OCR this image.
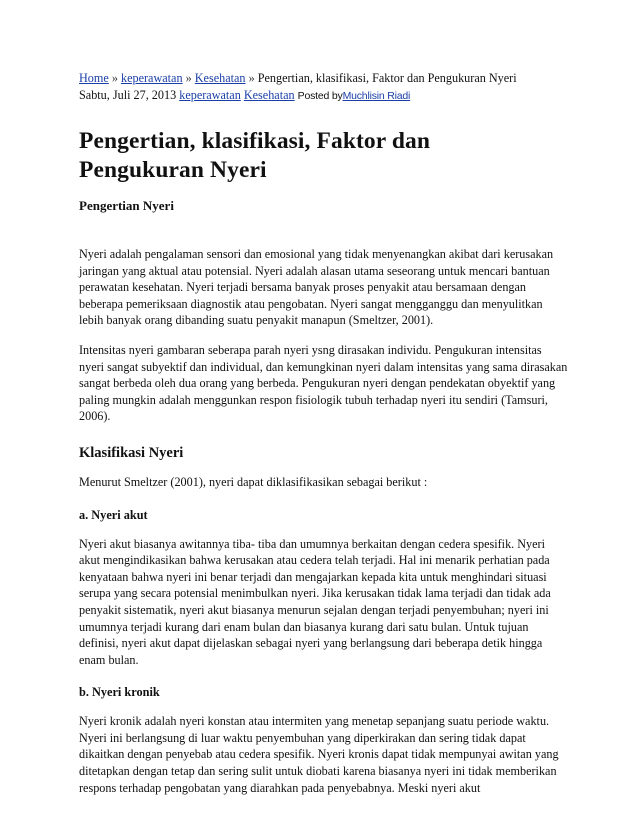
Home » keperawatan » Kesehatan » Pengertian, klasifikasi, Faktor dan Pengukuran Nyeri
Sabtu, Juli 27, 2013 keperawatan Kesehatan Posted byMuchlisin Riadi
Pengertian, klasifikasi, Faktor dan
Pengukuran Nyeri
Pengertian Nyeri

Nyeri adalah pengalaman sensori dan emosional yang tidak menyenangkan akibat dari kerusakan jaringan yang aktual atau potensial. Nyeri adalah alasan utama seseorang untuk mencari bantuan perawatan kesehatan. Nyeri terjadi bersama banyak proses penyakit atau bersamaan dengan beberapa pemeriksaan diagnostik atau pengobatan. Nyeri sangat mengganggu dan menyulitkan lebih banyak orang dibanding suatu penyakit manapun (Smeltzer, 2001).

Intensitas nyeri gambaran seberapa parah nyeri ysng dirasakan individu. Pengukuran intensitas nyeri sangat subyektif dan individual, dan kemungkinan nyeri dalam intensitas yang sama dirasakan sangat berbeda oleh dua orang yang berbeda. Pengukuran nyeri dengan pendekatan obyektif yang paling mungkin adalah menggunkan respon fisiologik tubuh terhadap nyeri itu sendiri (Tamsuri, 2006).

Klasifikasi Nyeri

Menurut Smeltzer (2001), nyeri dapat diklasifikasikan sebagai berikut :

a. Nyeri akut

Nyeri akut biasanya awitannya tiba- tiba dan umumnya berkaitan dengan cedera spesifik. Nyeri akut mengindikasikan bahwa kerusakan atau cedera telah terjadi. Hal ini menarik perhatian pada kenyataan bahwa nyeri ini benar terjadi dan mengajarkan kepada kita untuk menghindari situasi serupa yang secara potensial menimbulkan nyeri. Jika kerusakan tidak lama terjadi dan tidak ada penyakit sistematik, nyeri akut biasanya menurun sejalan dengan terjadi penyembuhan; nyeri ini umumnya terjadi kurang dari enam bulan dan biasanya kurang dari satu bulan. Untuk tujuan definisi, nyeri akut dapat dijelaskan sebagai nyeri yang berlangsung dari beberapa detik hingga enam bulan.

b. Nyeri kronik

Nyeri kronik adalah nyeri konstan atau intermiten yang menetap sepanjang suatu periode waktu. Nyeri ini berlangsung di luar waktu penyembuhan yang diperkirakan dan sering tidak dapat dikaitkan dengan penyebab atau cedera spesifik. Nyeri kronis dapat tidak mempunyai awitan yang ditetapkan dengan tetap dan sering sulit untuk diobati karena biasanya nyeri ini tidak memberikan respons terhadap pengobatan yang diarahkan pada penyebabnya. Meski nyeri akut
